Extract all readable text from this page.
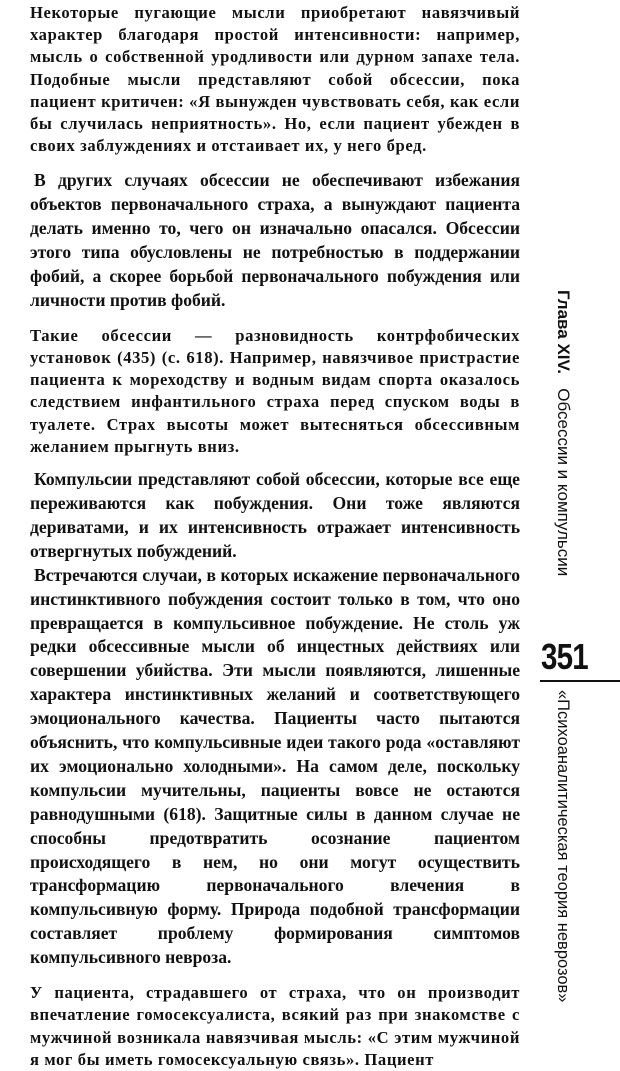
Некоторые пугающие мысли приобретают навязчивый характер благодаря простой интенсивности: например, мысль о собственной уродливости или дурном запахе тела. Подобные мысли представляют собой обсессии, пока пациент критичен: «Я вынужден чувствовать себя, как если бы случилась неприятность». Но, если пациент убежден в своих заблуждениях и отстаивает их, у него бред.

В других случаях обсессии не обеспечивают избежания объектов первоначального страха, а вынуждают пациента делать именно то, чего он изначально опасался. Обсессии этого типа обусловлены не потребностью в поддержании фобий, а скорее борьбой первоначального побуждения или личности против фобий.

Такие обсессии — разновидность контрфобических установок (435) (с. 618). Например, навязчивое пристрастие пациента к мореходству и водным видам спорта оказалось следствием инфантильного страха перед спуском воды в туалете. Страх высоты может вытесняться обсессивным желанием прыгнуть вниз.

Компульсии представляют собой обсессии, которые все еще переживаются как побуждения. Они тоже являются дериватами, и их интенсивность отражает интенсивность отвергнутых побуждений.

Встречаются случаи, в которых искажение первоначального инстинктивного побуждения состоит только в том, что оно превращается в компульсивное побуждение. Не столь уж редки обсессивные мысли об инцестных действиях или совершении убийства. Эти мысли появляются, лишенные характера инстинктивных желаний и соответствующего эмоционального качества. Пациенты часто пытаются объяснить, что компульсивные идеи такого рода «оставляют их эмоционально холодными». На самом деле, поскольку компульсии мучительны, пациенты вовсе не остаются равнодушными (618). Защитные силы в данном случае не способны предотвратить осознание пациентом происходящего в нем, но они могут осуществить трансформацию первоначального влечения в компульсивную форму. Природа подобной трансформации составляет проблему формирования симптомов компульсивного невроза.

У пациента, страдавшего от страха, что он производит впечатление гомосексуалиста, всякий раз при знакомстве с мужчиной возникала навязчивая мысль: «С этим мужчиной я мог бы иметь гомосексуальную связь». Пациент

Глава XIV.   Обсессии и компульсии
351
«Психоаналитическая теория неврозов»
